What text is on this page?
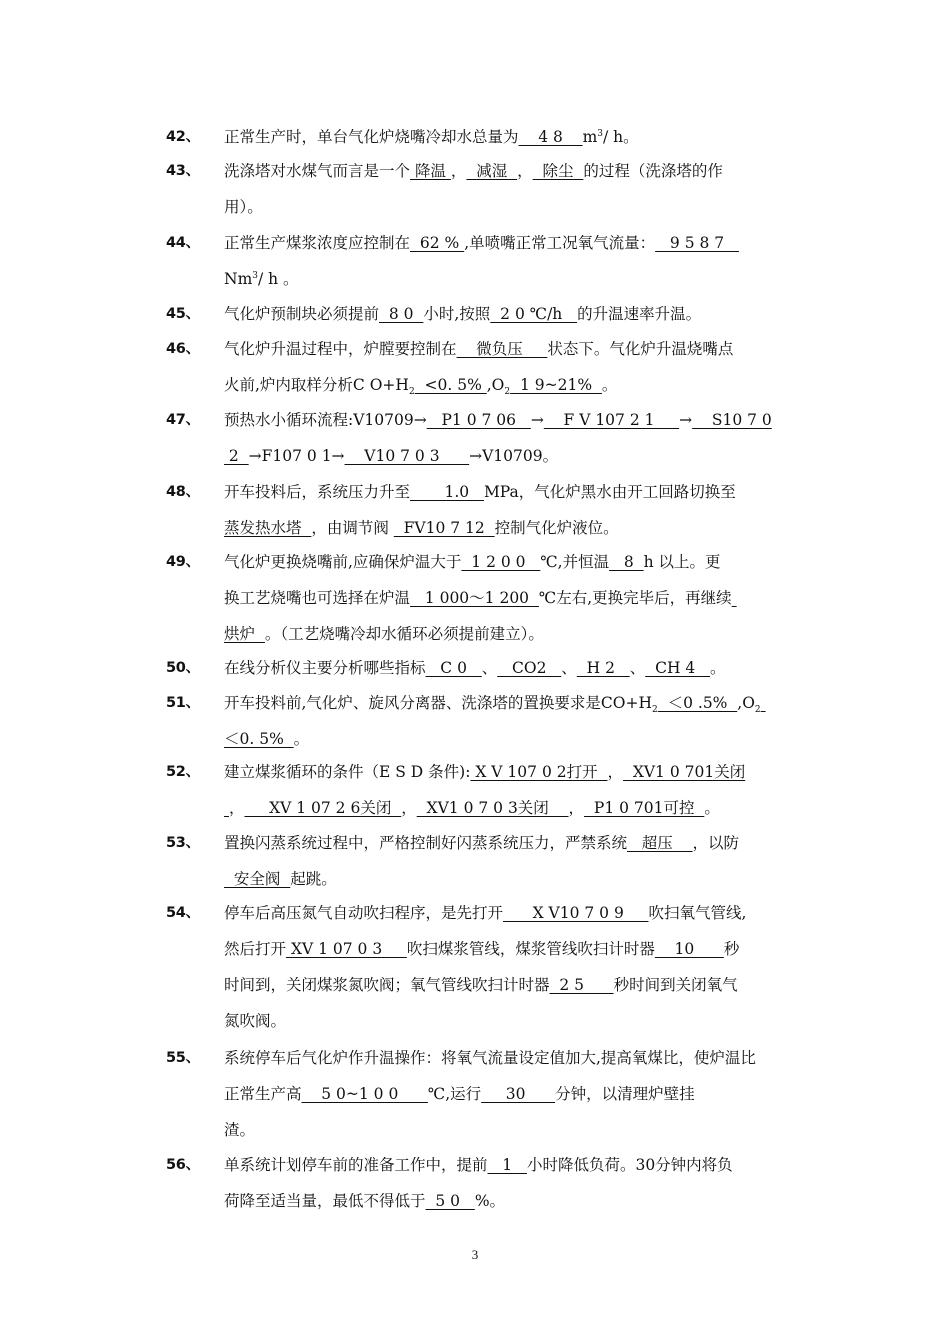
42、	正常生产时，单台气化炉烧嘴冷却水总量为    4 8    $m^3/$ h。
43、	洗涤塔对水煤气而言是一个 降温 ，  减湿  ，  除尘  的过程（洗涤塔的作
用）。
44、	正常生产煤浆浓度应控制在  62 % ,单喷嘴正常工况氧气流量：   9 5 8 7
Nm$^3$/ h 。
45、	气化炉预制块必须提前  8 0  小时,按照  2 0 ℃/h   的升温速率升温。
46、	气化炉升温过程中，炉膛要控制在    微负压     状态下。气化炉升温烧嘴点
火前,炉内取样分析C $O+H_2 <0$. 5% $,O_2$  1 9~21%  。
47、	预热水小循环流程:V10709→   P1 0 7 06   →    F V 107 2 1     →    S10 7 0
2  →F107 0 1→    V10 7 0 3      →V10709。
48、	开车投料后，系统压力升至       1.0   MPa，气化炉黑水由开工回路切换至
蒸发热水塔  ，由调节阀   FV10 7 12  控制气化炉液位。
49、	气化炉更换烧嘴前,应确保炉温大于  1 2 0 0   ℃,并恒温   8  h 以上。更
换工艺烧嘴也可选择在炉温   1 000～1 200  ℃左右,更换完毕后，再继续
烘炉  。（工艺烧嘴冷却水循环必须提前建立）。
50、	在线分析仪主要分析哪些指标   C 0   、   CO2   、  H 2   、  CH 4   。
51、	开车投料前,气化炉、旋风分离器、洗涤塔的置换要求是$CO+H_2 <0$ .5%  $,O_2$
＜0. 5%  。
52、	建立煤浆循环的条件（E S D 条件): X V 107 0 2打开  ，  XV1 0 701关闭
，     XV 1 07 2 6关闭  ，  XV1 0 7 0 3关闭    ，  P1 0 701可控  。
53、	置换闪蒸系统过程中，严格控制好闪蒸系统压力，严禁系统   超压    ，以防
安全阀  起跳。
54、	停车后高压氮气自动吹扫程序，是先打开      X V10 7 0 9     吹扫氧气管线,
然后打开 XV 1 07 0 3     吹扫煤浆管线，煤浆管线吹扫计时器    10      秒
时间到，关闭煤浆氮吹阀；氧气管线吹扫计时器  2 5      秒时间到关闭氧气
氮吹阀。
55、	系统停车后气化炉作升温操作：将氧气流量设定值加大,提高氧煤比，使炉温比
正常生产高    5 0~1 0 0      ℃,运行     30      分钟，以清理炉壁挂
渣。
56、	单系统计划停车前的准备工作中，提前   1   小时降低负荷。30分钟内将负
荷降至适当量，最低不得低于  5 0   %。
3
